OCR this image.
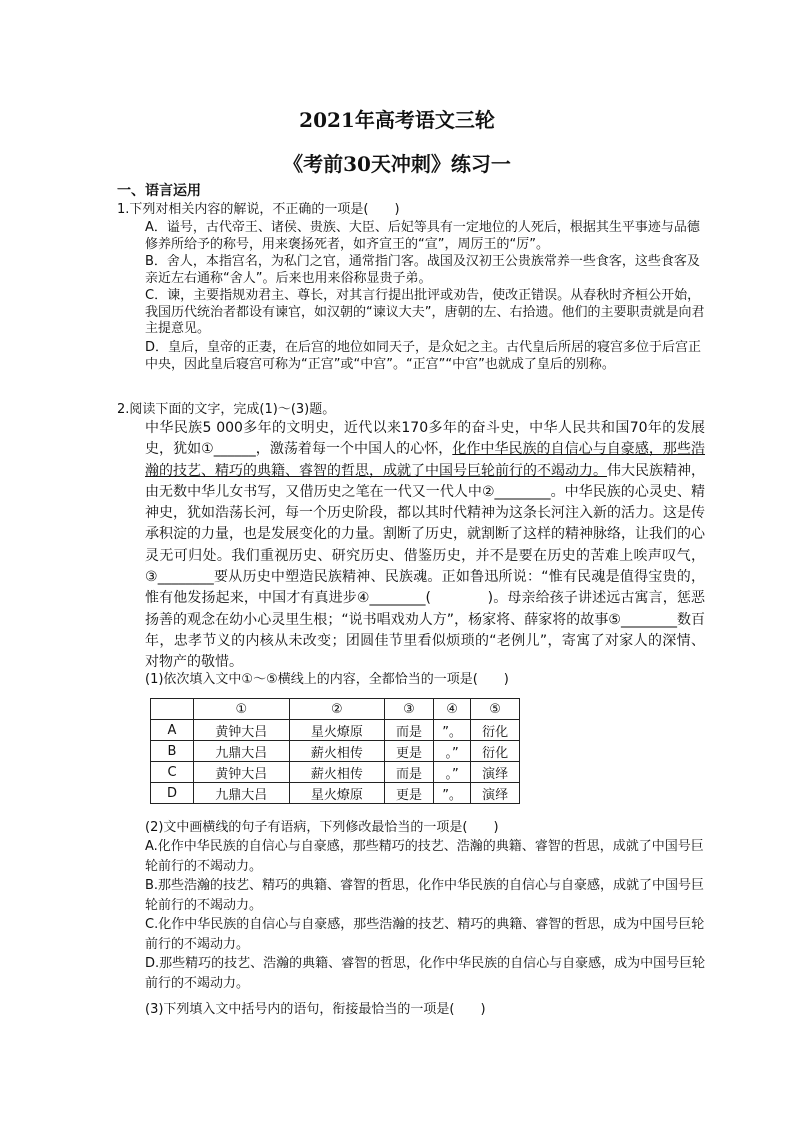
2021年高考语文三轮
《考前30天冲刺》练习一
一、语言运用
1.下列对相关内容的解说，不正确的一项是(　　)
A．谥号，古代帝王、诸侯、贵族、大臣、后妃等具有一定地位的人死后，根据其生平事迹与品德修养所给予的称号，用来褒扬死者，如齐宣王的“宣”，周厉王的“厉”。
B．舍人，本指宫名，为私门之官，通常指门客。战国及汉初王公贵族常养一些食客，这些食客及亲近左右通称“舍人”。后来也用来俗称显贵子弟。
C．谏，主要指规劝君主、尊长，对其言行提出批评或劝告，使改正错误。从春秋时齐桓公开始，我国历代统治者都设有谏官，如汉朝的“谏议大夫”，唐朝的左、右拾遗。他们的主要职责就是向君主提意见。
D．皇后，皇帝的正妻，在后宫的地位如同天子，是众妃之主。古代皇后所居的寝宫多位于后宫正中央，因此皇后寝宫可称为“正宫”或“中宫”。“正宫”“中宫”也就成了皇后的别称。
2.阅读下面的文字，完成(1)～(3)题。
中华民族5 000多年的文明史，近代以来170多年的奋斗史，中华人民共和国70年的发展史，犹如①______，激荡着每一个中国人的心怀，化作中华民族的自信心与自豪感，那些浩瀚的技艺、精巧的典籍、睿智的哲思，成就了中国号巨轮前行的不竭动力。伟大民族精神，由无数中华儿女书写，又借历史之笔在一代又一代人中②________。中华民族的心灵史、精神史，犹如浩荡长河，每一个历史阶段，都以其时代精神为这条长河注入新的活力。这是传承积淀的力量，也是发展变化的力量。割断了历史，就割断了这样的精神脉络，让我们的心灵无可归处。我们重视历史、研究历史、借鉴历史，并不是要在历史的苦难上唉声叹气，③________要从历史中塑造民族精神、民族魂。正如鲁迅所说：“惟有民魂是值得宝贵的，惟有他发扬起来，中国才有真进步④________(　　　　)。母亲给孩子讲述远古寓言，惩恶扬善的观念在幼小心灵里生根；“说书唱戏劝人方”，杨家将、薛家将的故事⑤________数百年，忠孝节义的内核从未改变；团圆佳节里看似烦琐的“老例儿”，寄寓了对家人的深情、对物产的敬惜。
(1)依次填入文中①～⑤横线上的内容，全都恰当的一项是(　　)
	①	②	③	④	⑤
A	黄钟大吕	星火燎原	而是	”。	衍化
B	九鼎大吕	薪火相传	更是	。”	衍化
C	黄钟大吕	薪火相传	而是	。”	演绎
D	九鼎大吕	星火燎原	更是	”。	演绎
(2)文中画横线的句子有语病，下列修改最恰当的一项是(　　)
A.化作中华民族的自信心与自豪感，那些精巧的技艺、浩瀚的典籍、睿智的哲思，成就了中国号巨轮前行的不竭动力。
B.那些浩瀚的技艺、精巧的典籍、睿智的哲思，化作中华民族的自信心与自豪感，成就了中国号巨轮前行的不竭动力。
C.化作中华民族的自信心与自豪感，那些浩瀚的技艺、精巧的典籍、睿智的哲思，成为中国号巨轮前行的不竭动力。
D.那些精巧的技艺、浩瀚的典籍、睿智的哲思，化作中华民族的自信心与自豪感，成为中国号巨轮前行的不竭动力。
(3)下列填入文中括号内的语句，衔接最恰当的一项是(　　)
